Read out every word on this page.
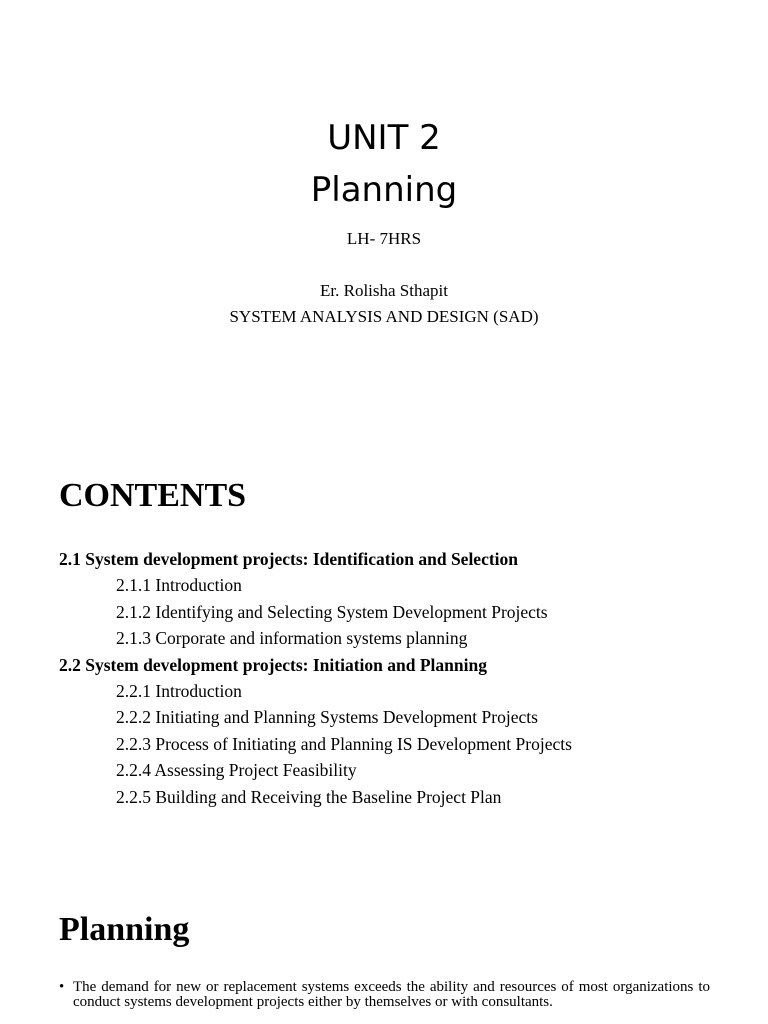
UNIT 2
Planning
LH- 7HRS
Er. Rolisha Sthapit
SYSTEM ANALYSIS AND DESIGN (SAD)
CONTENTS
2.1 System development projects: Identification and Selection
2.1.1 Introduction
2.1.2 Identifying and Selecting System Development Projects
2.1.3 Corporate and information systems planning
2.2 System development projects: Initiation and Planning
2.2.1 Introduction
2.2.2 Initiating and Planning Systems Development Projects
2.2.3 Process of Initiating and Planning IS Development Projects
2.2.4 Assessing Project Feasibility
2.2.5 Building and Receiving the Baseline Project Plan
Planning
• The demand for new or replacement systems exceeds the ability and resources of most organizations to conduct systems development projects either by themselves or with consultants.
